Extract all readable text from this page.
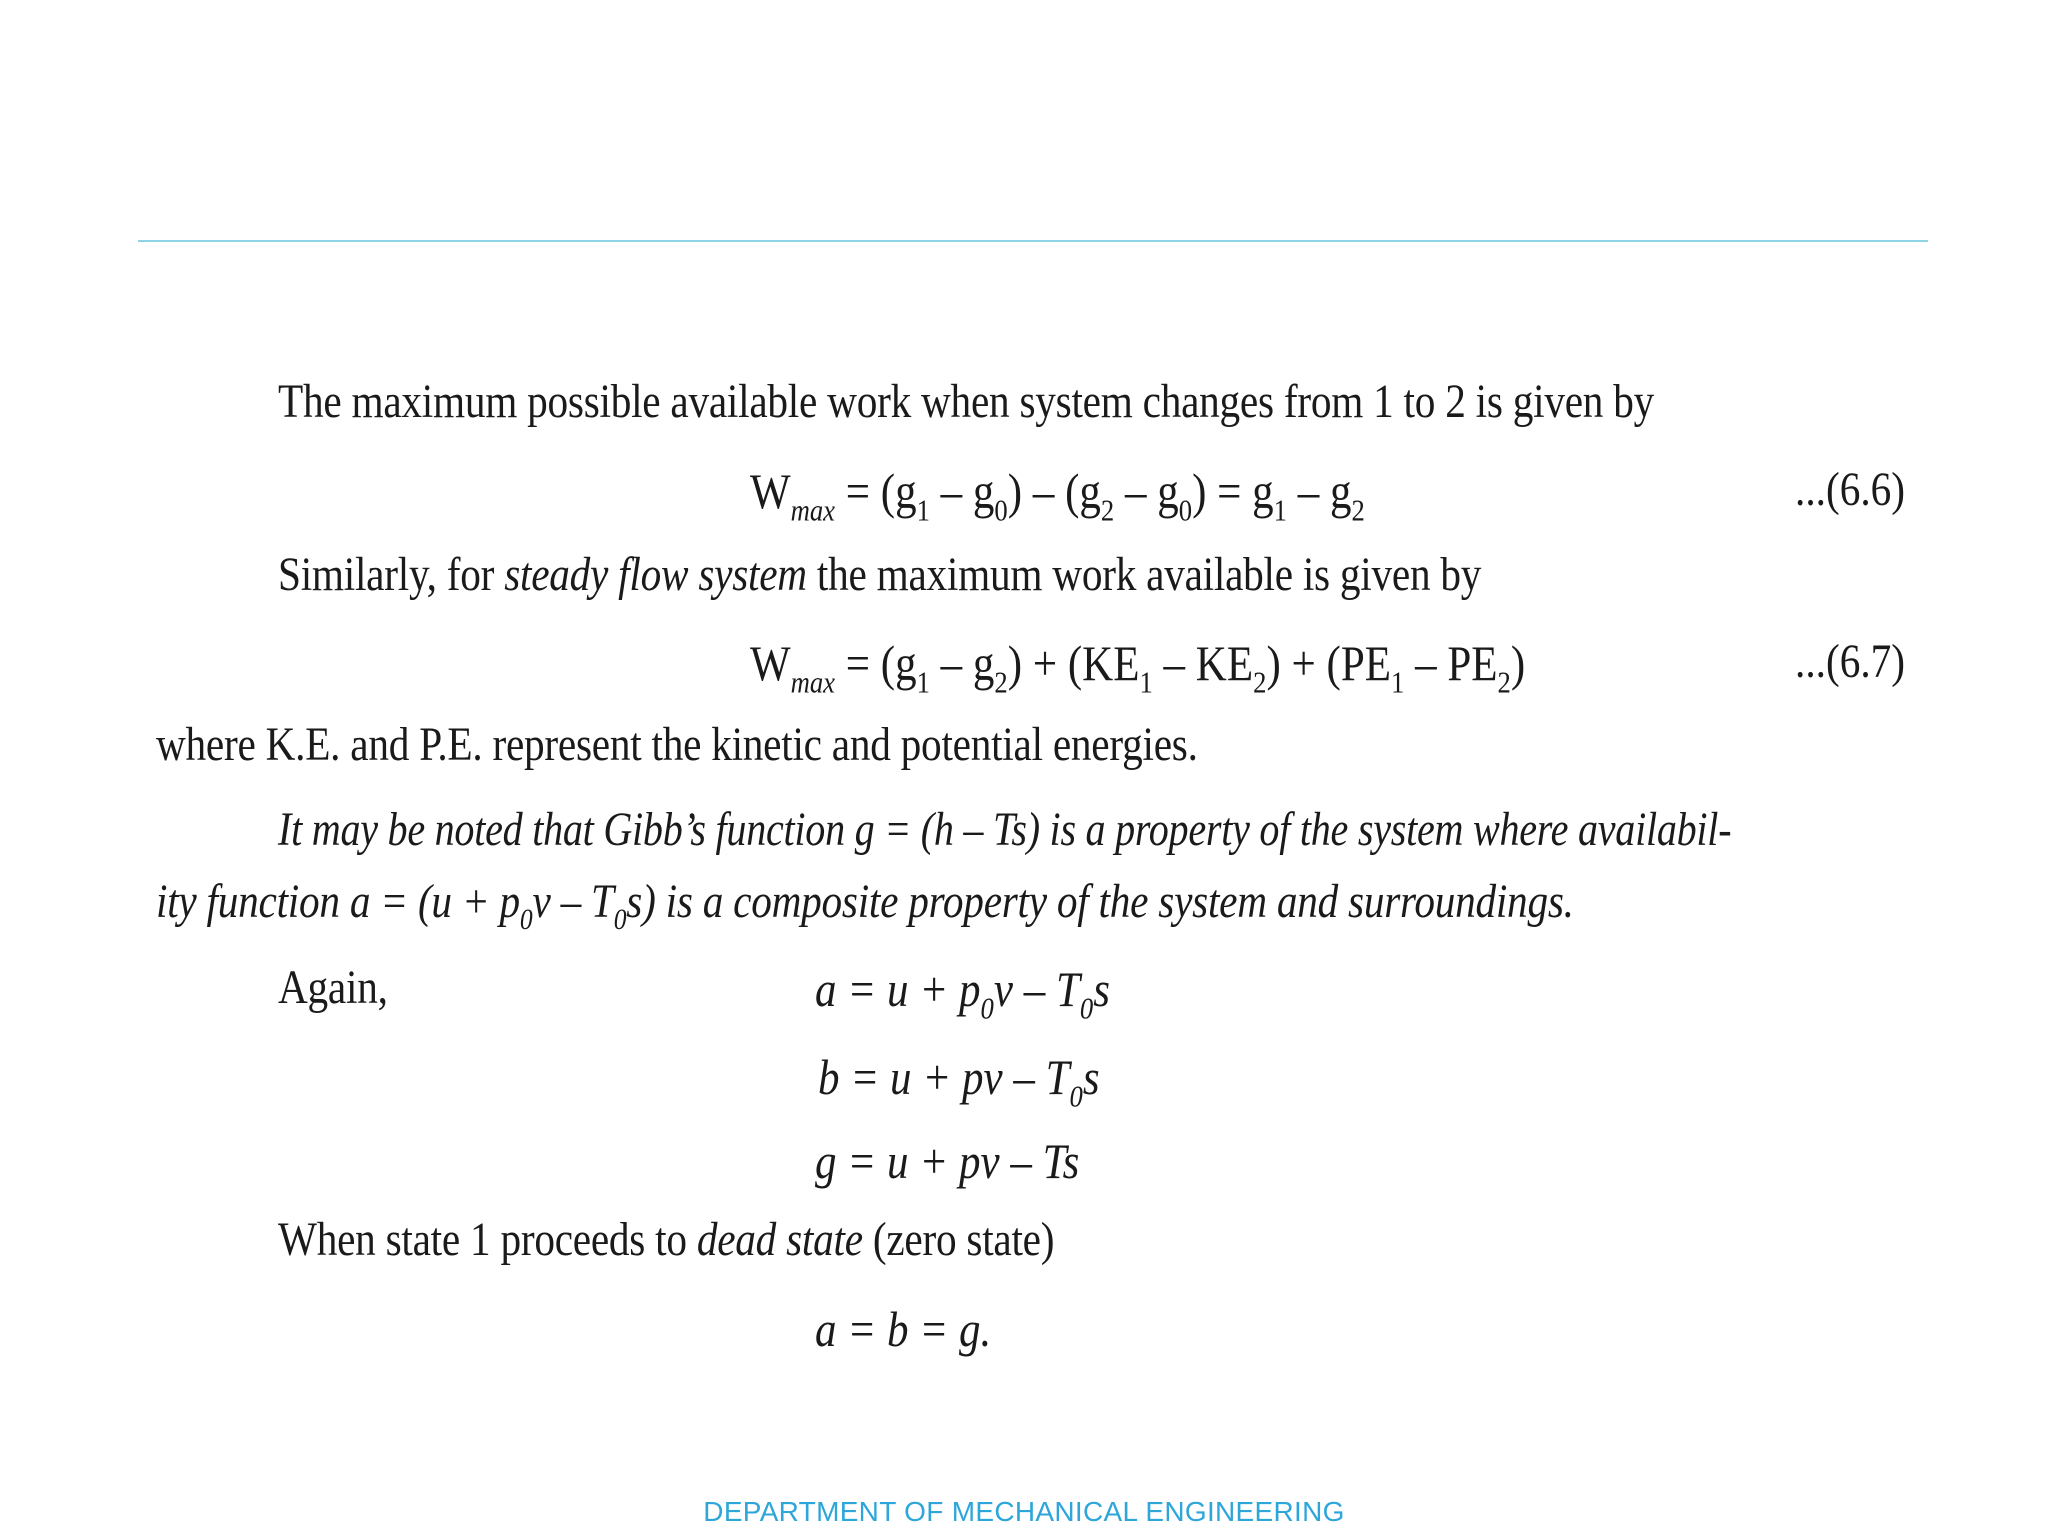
The maximum possible available work when system changes from 1 to 2 is given by
$W_{max} = (g_1 - g_0) - (g_2 - g_0) = g_1 - g_2$	...(6.6)
Similarly, for steady flow system the maximum work available is given by
$W_{max} = (g_1 - g_2) + (KE_1 - KE_2) + (PE_1 - PE_2)$	...(6.7)
where K.E. and P.E. represent the kinetic and potential energies.
It may be noted that Gibb’s function g = (h – Ts) is a property of the system where availabil-
ity function $a = (u + p_0v - T_0s)$ is a composite property of the system and surroundings.
Again,	$a = u + p_0v - T_0s$
b = u + pv – $T_0s$
g = u + pv – Ts
When state 1 proceeds to dead state (zero state)
a = b = g.
DEPARTMENT OF MECHANICAL ENGINEERING
